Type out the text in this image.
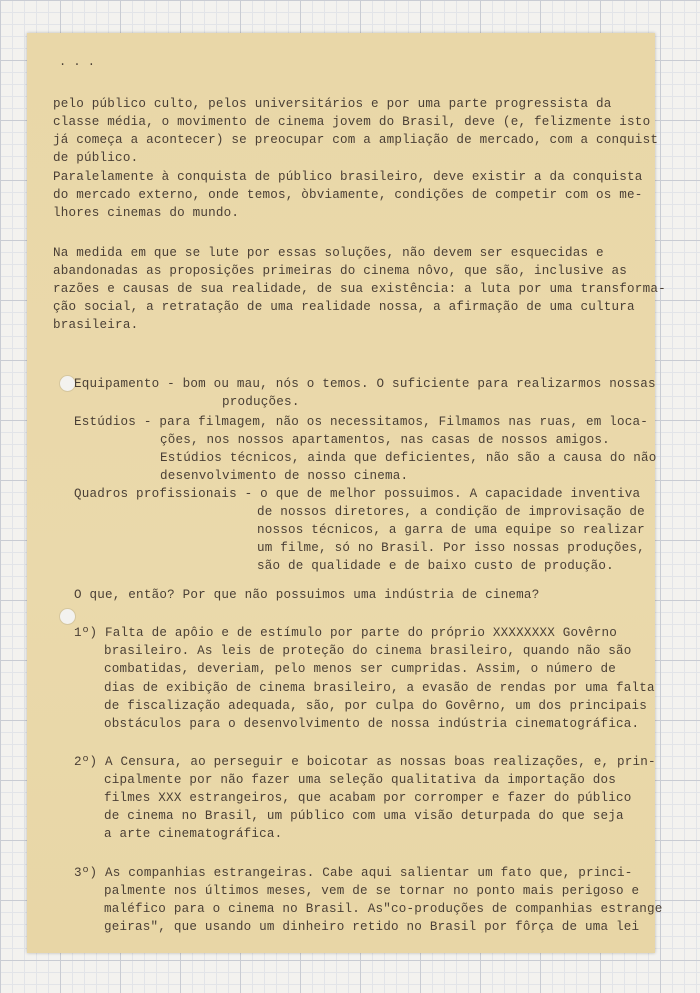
. . .
pelo público culto, pelos universitários e por uma parte progressista da
classe média, o movimento de cinema jovem do Brasil, deve (e, felizmente isto
já começa a acontecer) se preocupar com a ampliação de mercado, com a conquist
de público.
Paralelamente à conquista de público brasileiro, deve existir a da conquista
do mercado externo, onde temos, òbviamente, condições de competir com os me-
lhores cinemas do mundo.
Na medida em que se lute por essas soluções, não devem ser esquecidas e
abandonadas as proposições primeiras do cinema nôvo, que são, inclusive as
razões e causas de sua realidade, de sua existência: a luta por uma transforma-
ção social, a retratação de uma realidade nossa, a afirmação de uma cultura
brasileira.
Equipamento - bom ou mau, nós o temos. O suficiente para realizarmos nossas
produções.
Estúdios - para filmagem, não os necessitamos, Filmamos nas ruas, em loca-
ções, nos nossos apartamentos, nas casas de nossos amigos.
Estúdios técnicos, ainda que deficientes, não são a causa do não
desenvolvimento de nosso cinema.
Quadros profissionais - o que de melhor possuimos. A capacidade inventiva
de nossos diretores, a condição de improvisação de
nossos técnicos, a garra de uma equipe so realizar
um filme, só no Brasil. Por isso nossas produções,
são de qualidade e de baixo custo de produção.
O que, então? Por que não possuimos uma indústria de cinema?
1º) Falta de apôio e de estímulo por parte do próprio XXXXXXXX Govêrno
brasileiro. As leis de proteção do cinema brasileiro, quando não são
combatidas, deveriam, pelo menos ser cumpridas. Assim, o número de
dias de exibição de cinema brasileiro, a evasão de rendas por uma falta
de fiscalização adequada, são, por culpa do Govêrno, um dos principais
obstáculos para o desenvolvimento de nossa indústria cinematográfica.
2º) A Censura, ao perseguir e boicotar as nossas boas realizações, e, prin-
cipalmente por não fazer uma seleção qualitativa da importação dos
filmes XXX estrangeiros, que acabam por corromper e fazer do público
de cinema no Brasil, um público com uma visão deturpada do que seja
a arte cinematográfica.
3º) As companhias estrangeiras. Cabe aqui salientar um fato que, princi-
palmente nos últimos meses, vem de se tornar no ponto mais perigoso e
maléfico para o cinema no Brasil. As"co-produções de companhias estrange
geiras", que usando um dinheiro retido no Brasil por fôrça de uma lei
